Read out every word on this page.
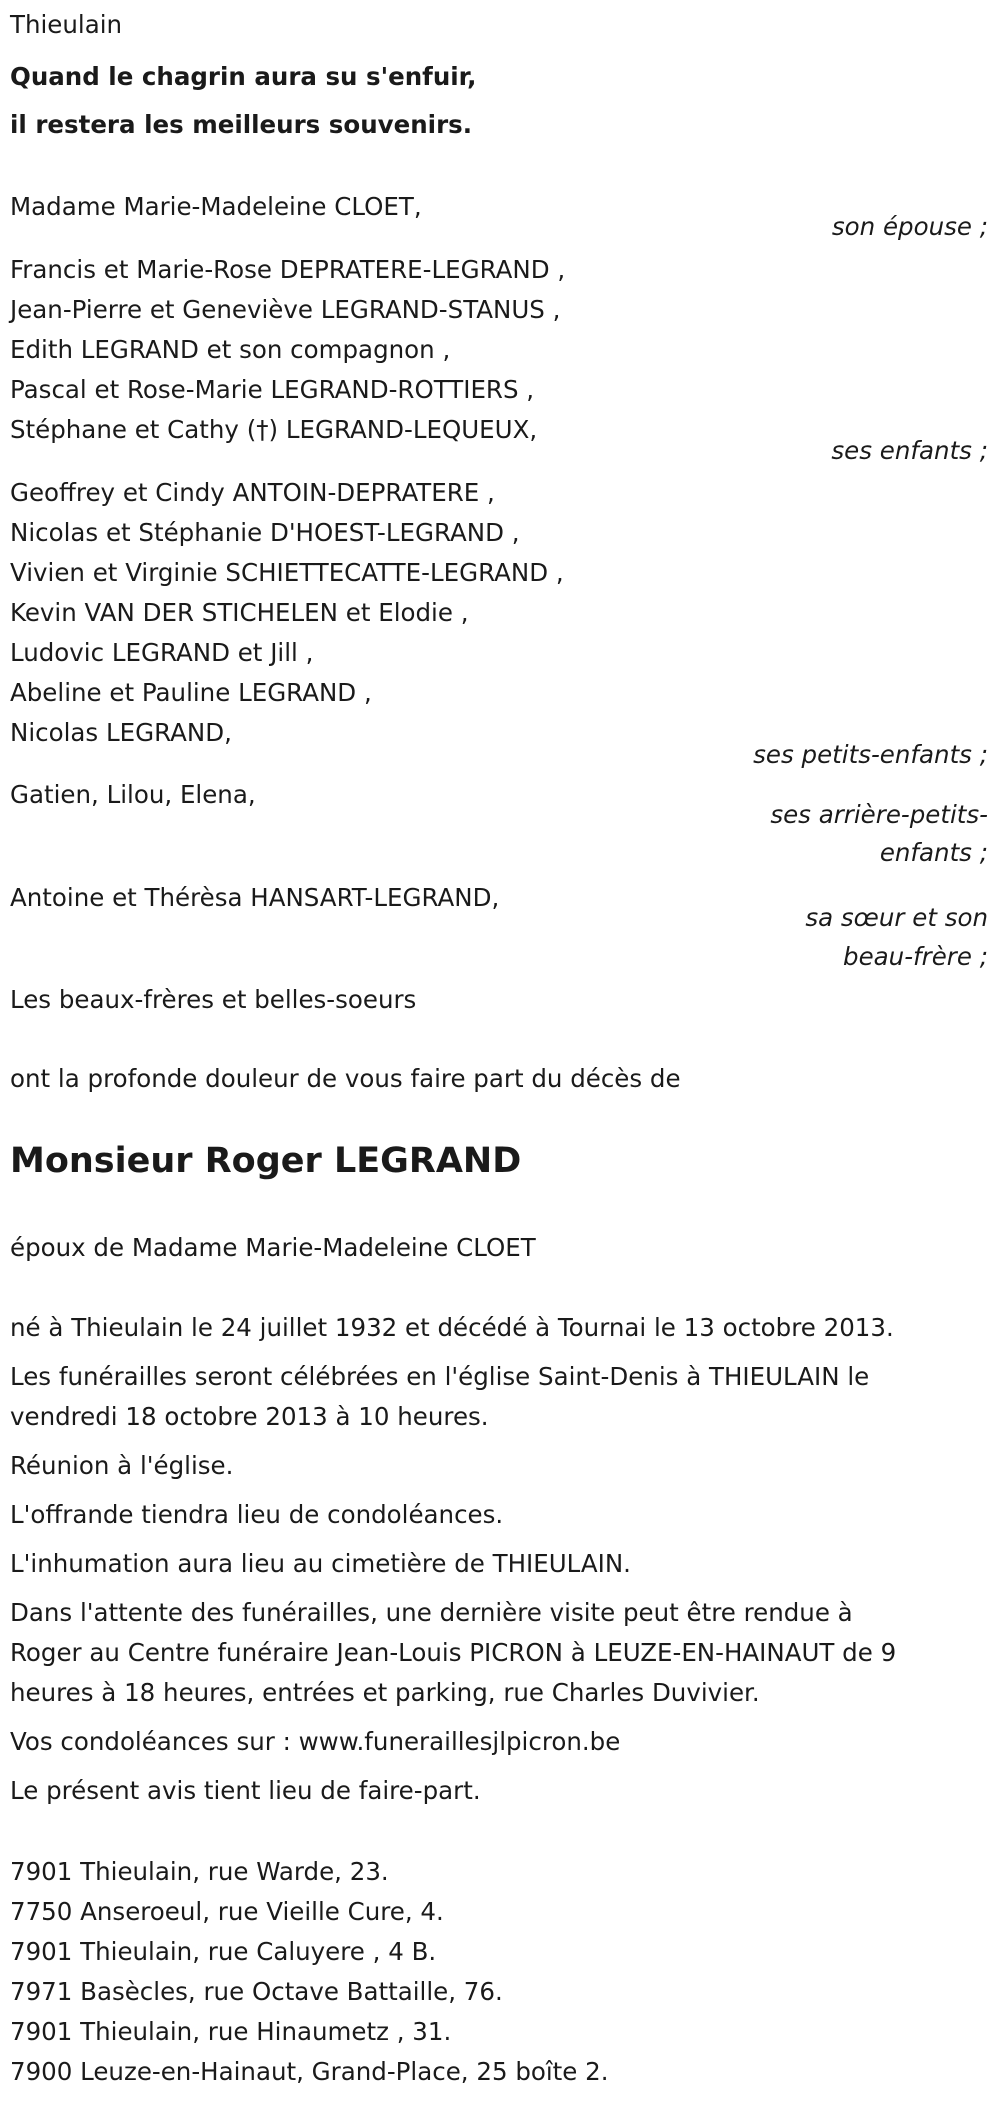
Thieulain
Quand le chagrin aura su s'enfuir,
il restera les meilleurs souvenirs.
Madame Marie-Madeleine CLOET,
son épouse ;
Francis et Marie-Rose DEPRATERE-LEGRAND ,
Jean-Pierre et Geneviève LEGRAND-STANUS ,
Edith LEGRAND et son compagnon ,
Pascal et Rose-Marie LEGRAND-ROTTIERS ,
Stéphane et Cathy (†) LEGRAND-LEQUEUX,
ses enfants ;
Geoffrey et Cindy ANTOIN-DEPRATERE ,
Nicolas et Stéphanie D'HOEST-LEGRAND ,
Vivien et Virginie SCHIETTECATTE-LEGRAND ,
Kevin VAN DER STICHELEN et Elodie ,
Ludovic LEGRAND et Jill ,
Abeline et Pauline LEGRAND ,
Nicolas LEGRAND,
ses petits-enfants ;
Gatien, Lilou, Elena,
ses arrière-petits-
enfants ;
Antoine et Thérèsa HANSART-LEGRAND,
sa sœur et son
beau-frère ;
Les beaux-frères et belles-soeurs
ont la profonde douleur de vous faire part du décès de
Monsieur Roger LEGRAND
époux de Madame Marie-Madeleine CLOET
né à Thieulain le 24 juillet 1932 et décédé à Tournai le 13 octobre 2013.
Les funérailles seront célébrées en l'église Saint-Denis à THIEULAIN le
vendredi 18 octobre 2013 à 10 heures.
Réunion à l'église.
L'offrande tiendra lieu de condoléances.
L'inhumation aura lieu au cimetière de THIEULAIN.
Dans l'attente des funérailles, une dernière visite peut être rendue à
Roger au Centre funéraire Jean-Louis PICRON à LEUZE-EN-HAINAUT de 9
heures à 18 heures, entrées et parking, rue Charles Duvivier.
Vos condoléances sur : www.funeraillesjlpicron.be
Le présent avis tient lieu de faire-part.
7901 Thieulain, rue Warde, 23.
7750 Anseroeul, rue Vieille Cure, 4.
7901 Thieulain, rue Caluyere , 4 B.
7971 Basècles, rue Octave Battaille, 76.
7901 Thieulain, rue Hinaumetz , 31.
7900 Leuze-en-Hainaut, Grand-Place, 25 boîte 2.
